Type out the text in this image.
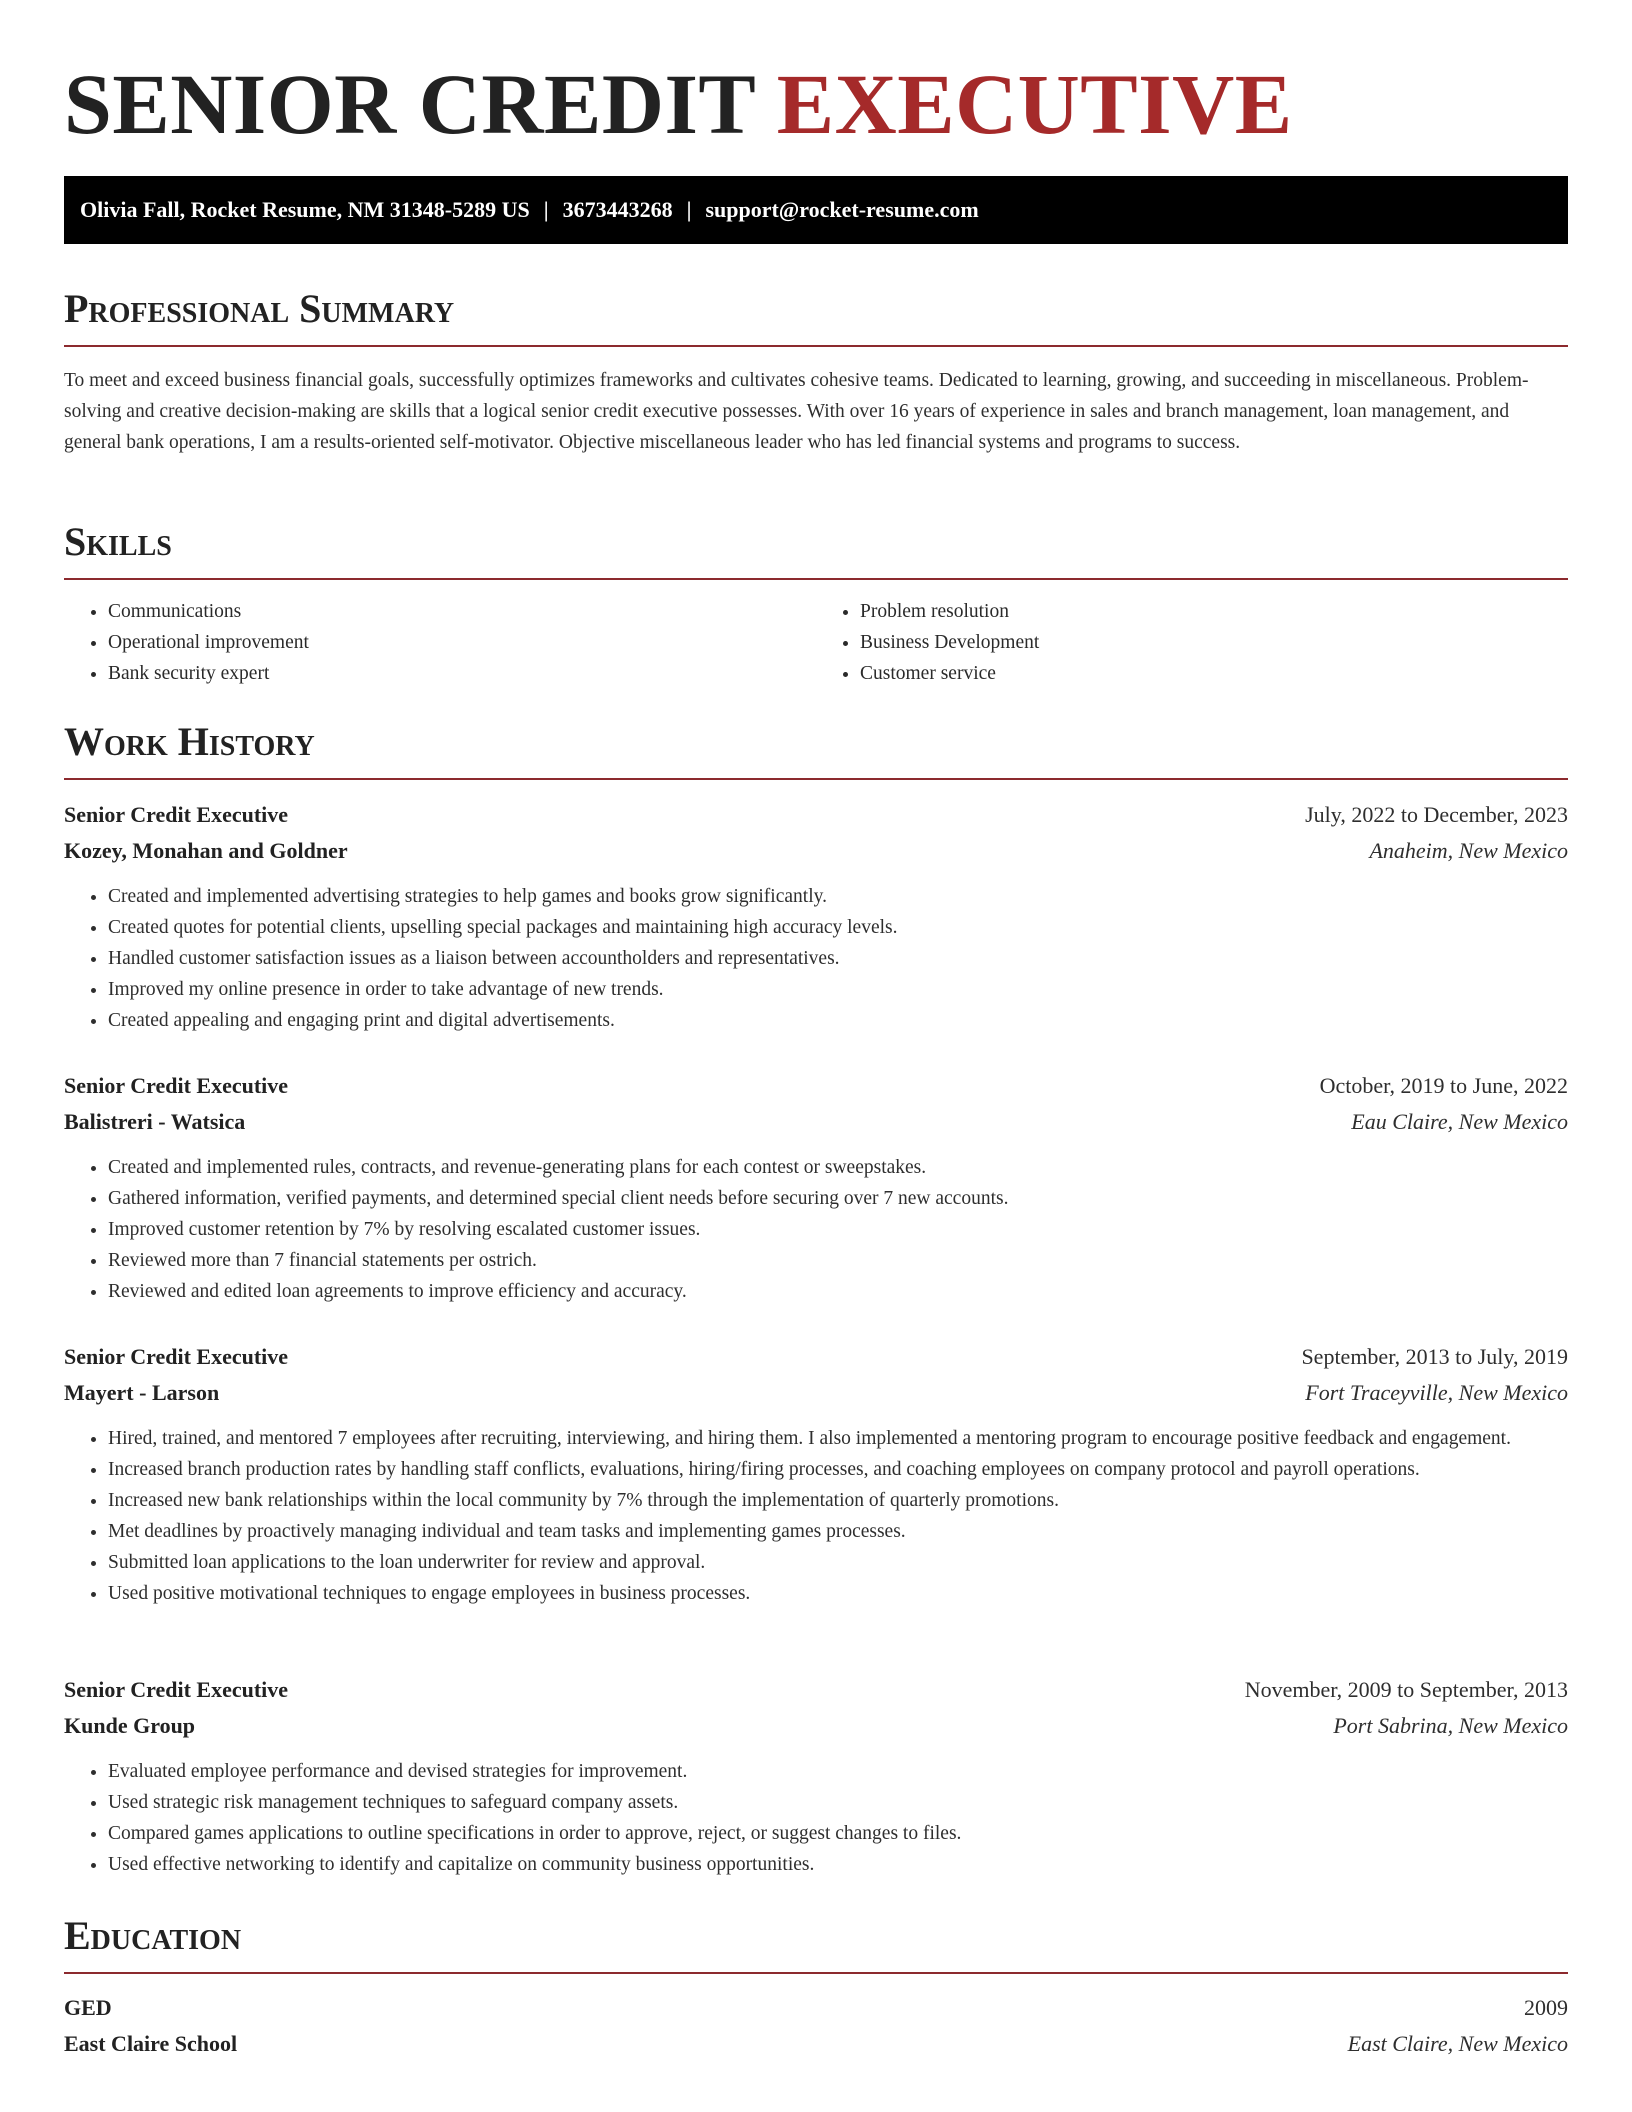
SENIOR CREDIT EXECUTIVE
Olivia Fall, Rocket Resume, NM 31348-5289 US | 3673443268 | support@rocket-resume.com
Professional Summary

To meet and exceed business financial goals, successfully optimizes frameworks and cultivates cohesive teams. Dedicated to learning, growing, and succeeding in miscellaneous. Problem-solving and creative decision-making are skills that a logical senior credit executive possesses. With over 16 years of experience in sales and branch management, loan management, and general bank operations, I am a results-oriented self-motivator. Objective miscellaneous leader who has led financial systems and programs to success.

Skills
• Communications
• Operational improvement
• Bank security expert
• Problem resolution
• Business Development
• Customer service
Work History
Senior Credit Executive	July, 2022 to December, 2023
Kozey, Monahan and Goldner	Anaheim, New Mexico
• Created and implemented advertising strategies to help games and books grow significantly.
• Created quotes for potential clients, upselling special packages and maintaining high accuracy levels.
• Handled customer satisfaction issues as a liaison between accountholders and representatives.
• Improved my online presence in order to take advantage of new trends.
• Created appealing and engaging print and digital advertisements.
Senior Credit Executive	October, 2019 to June, 2022
Balistreri - Watsica	Eau Claire, New Mexico
• Created and implemented rules, contracts, and revenue-generating plans for each contest or sweepstakes.
• Gathered information, verified payments, and determined special client needs before securing over 7 new accounts.
• Improved customer retention by 7% by resolving escalated customer issues.
• Reviewed more than 7 financial statements per ostrich.
• Reviewed and edited loan agreements to improve efficiency and accuracy.
Senior Credit Executive	September, 2013 to July, 2019
Mayert - Larson	Fort Traceyville, New Mexico
• Hired, trained, and mentored 7 employees after recruiting, interviewing, and hiring them. I also implemented a mentoring program to encourage positive feedback and engagement.
• Increased branch production rates by handling staff conflicts, evaluations, hiring/firing processes, and coaching employees on company protocol and payroll operations.
• Increased new bank relationships within the local community by 7% through the implementation of quarterly promotions.
• Met deadlines by proactively managing individual and team tasks and implementing games processes.
• Submitted loan applications to the loan underwriter for review and approval.
• Used positive motivational techniques to engage employees in business processes.
Senior Credit Executive	November, 2009 to September, 2013
Kunde Group	Port Sabrina, New Mexico
• Evaluated employee performance and devised strategies for improvement.
• Used strategic risk management techniques to safeguard company assets.
• Compared games applications to outline specifications in order to approve, reject, or suggest changes to files.
• Used effective networking to identify and capitalize on community business opportunities.
Education
GED	2009
East Claire School	East Claire, New Mexico
